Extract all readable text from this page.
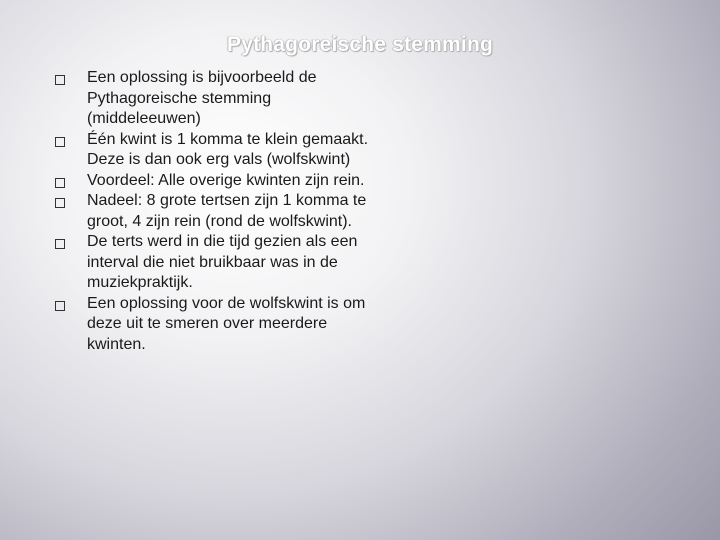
Pythagoreische stemming
Een oplossing is bijvoorbeeld de Pythagoreische stemming (middeleeuwen)
Één kwint is 1 komma te klein gemaakt. Deze is dan ook erg vals (wolfskwint)
Voordeel: Alle overige kwinten zijn rein.
Nadeel: 8 grote tertsen zijn 1 komma te groot, 4 zijn rein (rond de wolfskwint).
De terts werd in die tijd gezien als een interval die niet bruikbaar was in de muziekpraktijk.
Een oplossing voor de wolfskwint is om deze uit te smeren over meerdere kwinten.
